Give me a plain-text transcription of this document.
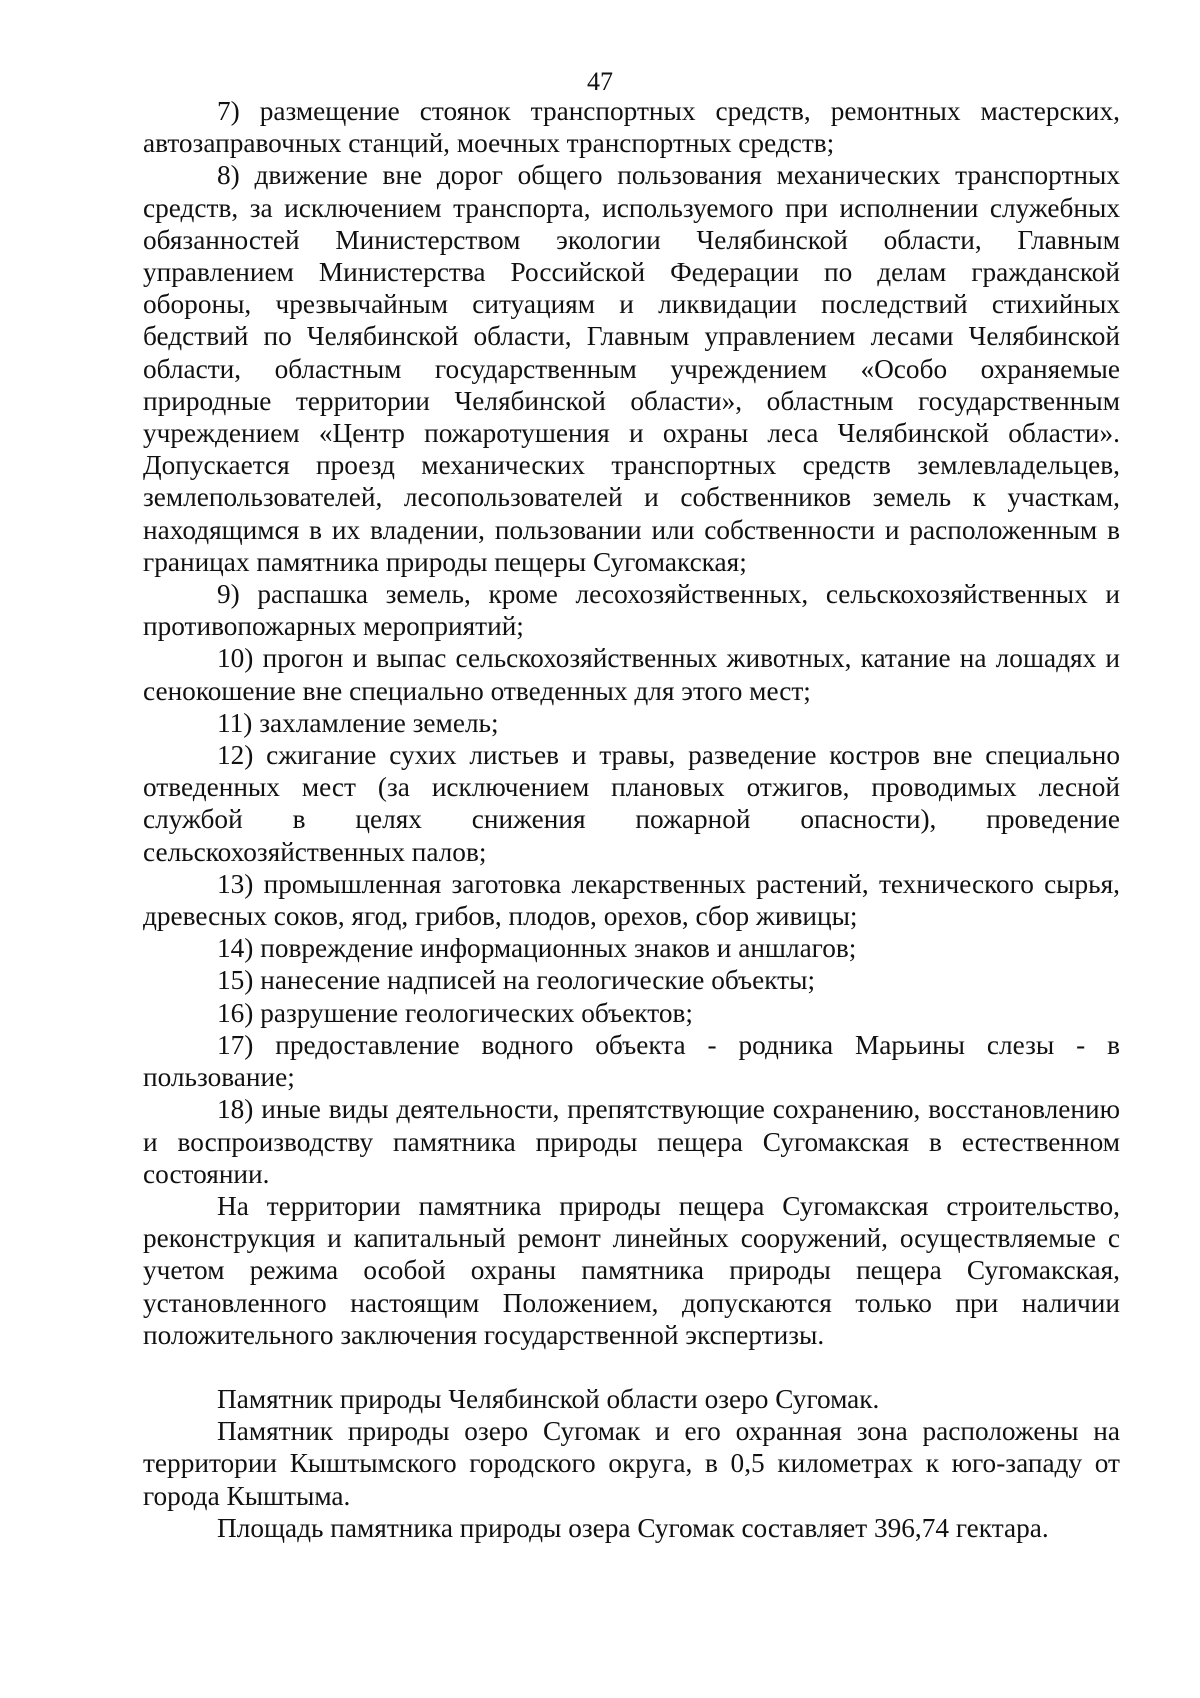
47

7) размещение стоянок транспортных средств, ремонтных мастерских, автозаправочных станций, моечных транспортных средств;

8) движение вне дорог общего пользования механических транспортных средств, за исключением транспорта, используемого при исполнении служебных обязанностей Министерством экологии Челябинской области, Главным управлением Министерства Российской Федерации по делам гражданской обороны, чрезвычайным ситуациям и ликвидации последствий стихийных бедствий по Челябинской области, Главным управлением лесами Челябинской области, областным государственным учреждением «Особо охраняемые природные территории Челябинской области», областным государственным учреждением «Центр пожаротушения и охраны леса Челябинской области». Допускается проезд механических транспортных средств землевладельцев, землепользователей, лесопользователей и собственников земель к участкам, находящимся в их владении, пользовании или собственности и расположенным в границах памятника природы пещеры Сугомакская;

9) распашка земель, кроме лесохозяйственных, сельскохозяйственных и противопожарных мероприятий;

10) прогон и выпас сельскохозяйственных животных, катание на лошадях и сенокошение вне специально отведенных для этого мест;

11) захламление земель;

12) сжигание сухих листьев и травы, разведение костров вне специально отведенных мест (за исключением плановых отжигов, проводимых лесной службой в целях снижения пожарной опасности), проведение сельскохозяйственных палов;

13) промышленная заготовка лекарственных растений, технического сырья, древесных соков, ягод, грибов, плодов, орехов, сбор живицы;

14) повреждение информационных знаков и аншлагов;

15) нанесение надписей на геологические объекты;

16) разрушение геологических объектов;

17) предоставление водного объекта - родника Марьины слезы - в пользование;

18) иные виды деятельности, препятствующие сохранению, восстановлению и воспроизводству памятника природы пещера Сугомакская в естественном состоянии.

На территории памятника природы пещера Сугомакская строительство, реконструкция и капитальный ремонт линейных сооружений, осуществляемые с учетом режима особой охраны памятника природы пещера Сугомакская, установленного настоящим Положением, допускаются только при наличии положительного заключения государственной экспертизы.

Памятник природы Челябинской области озеро Сугомак.

Памятник природы озеро Сугомак и его охранная зона расположены на территории Кыштымского городского округа, в 0,5 километрах к юго-западу от города Кыштыма.

Площадь памятника природы озера Сугомак составляет 396,74 гектара.
